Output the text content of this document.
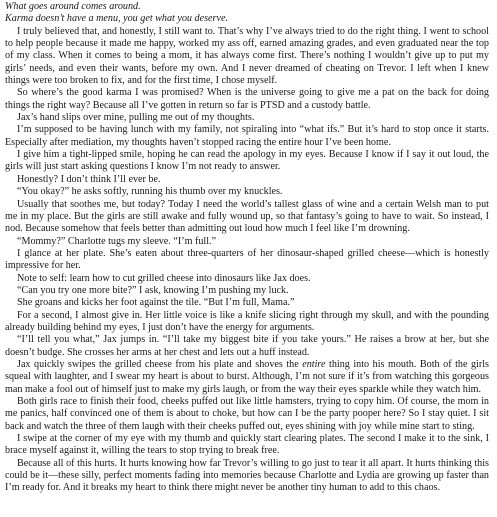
What goes around comes around.

Karma doesn’t have a menu, you get what you deserve.

I truly believed that, and honestly, I still want to. That’s why I’ve always tried to do the right thing. I went to school to help people because it made me happy, worked my ass off, earned amazing grades, and even graduated near the top of my class. When it comes to being a mom, it has always come first. There’s nothing I wouldn’t give up to put my girls’ needs, and even their wants, before my own. And I never dreamed of cheating on Trevor. I left when I knew things were too broken to fix, and for the first time, I chose myself.

So where’s the good karma I was promised? When is the universe going to give me a pat on the back for doing things the right way? Because all I’ve gotten in return so far is PTSD and a custody battle.

Jax’s hand slips over mine, pulling me out of my thoughts.

I’m supposed to be having lunch with my family, not spiraling into “what ifs.” But it’s hard to stop once it starts. Especially after mediation, my thoughts haven’t stopped racing the entire hour I’ve been home.

I give him a tight-lipped smile, hoping he can read the apology in my eyes. Because I know if I say it out loud, the girls will just start asking questions I know I’m not ready to answer.

Honestly? I don’t think I’ll ever be.

“You okay?” he asks softly, running his thumb over my knuckles.

Usually that soothes me, but today? Today I need the world’s tallest glass of wine and a certain Welsh man to put me in my place. But the girls are still awake and fully wound up, so that fantasy’s going to have to wait. So instead, I nod. Because somehow that feels better than admitting out loud how much I feel like I’m drowning.

“Mommy?” Charlotte tugs my sleeve. “I’m full.”

I glance at her plate. She’s eaten about three-quarters of her dinosaur-shaped grilled cheese—which is honestly impressive for her.

Note to self: learn how to cut grilled cheese into dinosaurs like Jax does.

“Can you try one more bite?” I ask, knowing I’m pushing my luck.

She groans and kicks her foot against the tile. “But I’m full, Mama.”

For a second, I almost give in. Her little voice is like a knife slicing right through my skull, and with the pounding already building behind my eyes, I just don’t have the energy for arguments.

“I’ll tell you what,” Jax jumps in. “I’ll take my biggest bite if you take yours.” He raises a brow at her, but she doesn’t budge. She crosses her arms at her chest and lets out a huff instead.

Jax quickly swipes the grilled cheese from his plate and shoves the entire thing into his mouth. Both of the girls squeal with laughter, and I swear my heart is about to burst. Although, I’m not sure if it’s from watching this gorgeous man make a fool out of himself just to make my girls laugh, or from the way their eyes sparkle while they watch him.

Both girls race to finish their food, cheeks puffed out like little hamsters, trying to copy him. Of course, the mom in me panics, half convinced one of them is about to choke, but how can I be the party pooper here? So I stay quiet. I sit back and watch the three of them laugh with their cheeks puffed out, eyes shining with joy while mine start to sting.

I swipe at the corner of my eye with my thumb and quickly start clearing plates. The second I make it to the sink, I brace myself against it, willing the tears to stop trying to break free.

Because all of this hurts. It hurts knowing how far Trevor’s willing to go just to tear it all apart. It hurts thinking this could be it—these silly, perfect moments fading into memories because Charlotte and Lydia are growing up faster than I’m ready for. And it breaks my heart to think there might never be another tiny human to add to this chaos.
